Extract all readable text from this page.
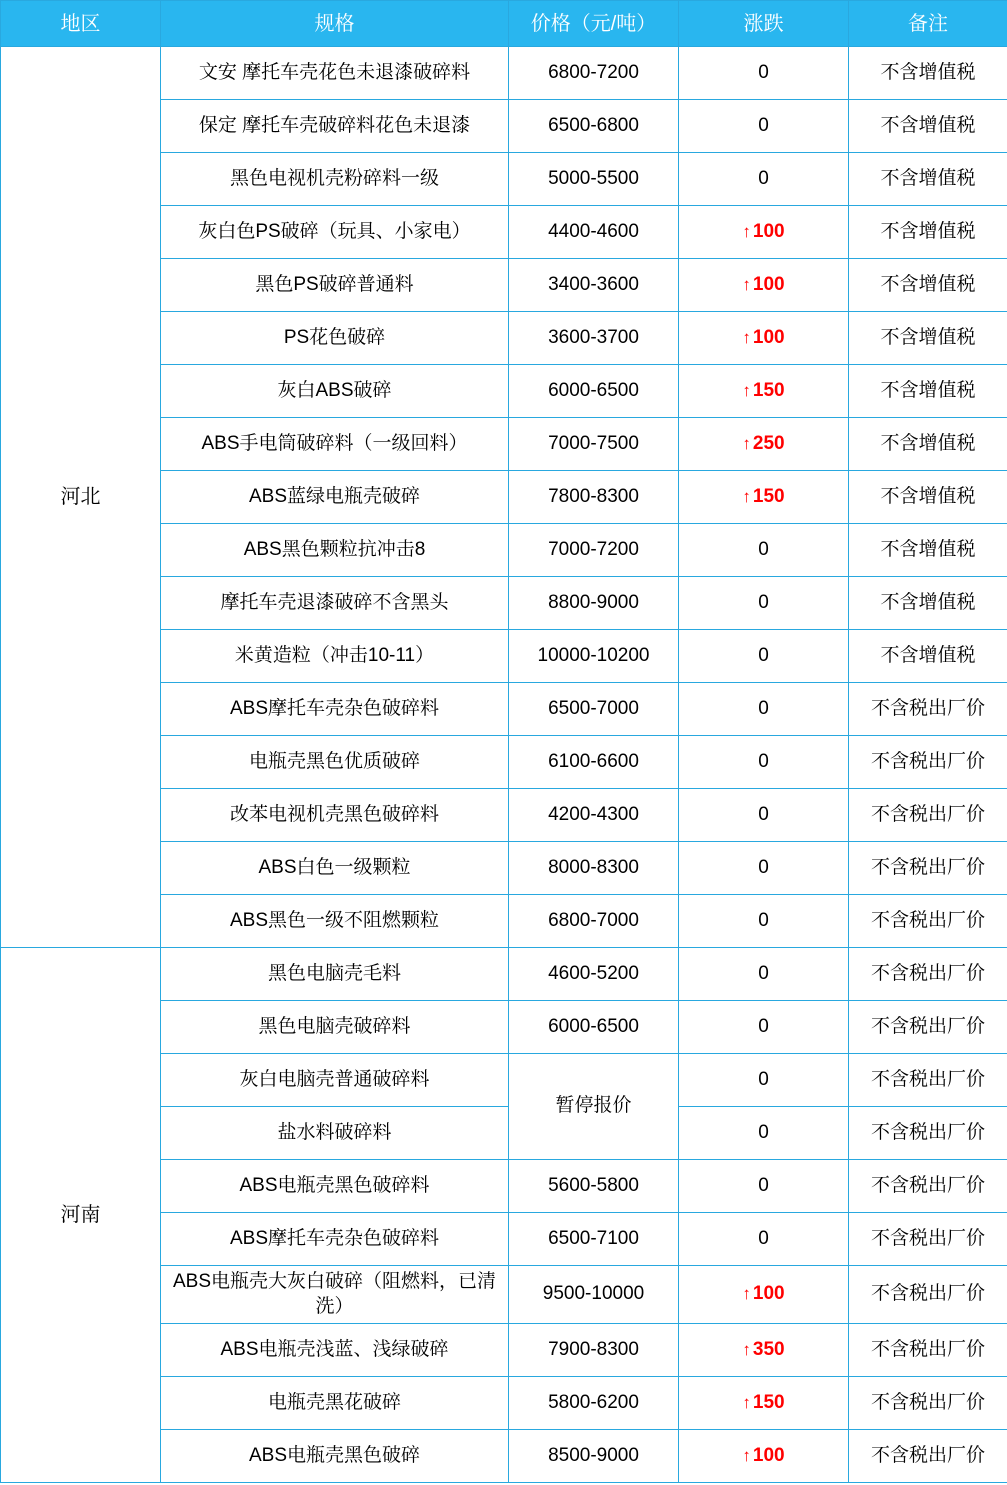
地区	规格	价格（元/吨）	涨跌	备注
河北	文安 摩托车壳花色未退漆破碎料	6800-7200	0	不含增值税
	保定 摩托车壳破碎料花色未退漆	6500-6800	0	不含增值税
	黑色电视机壳粉碎料一级	5000-5500	0	不含增值税
	灰白色PS破碎（玩具、小家电）	4400-4600	↑ 100	不含增值税
	黑色PS破碎普通料	3400-3600	↑ 100	不含增值税
	PS花色破碎	3600-3700	↑ 100	不含增值税
	灰白ABS破碎	6000-6500	↑ 150	不含增值税
	ABS手电筒破碎料（一级回料）	7000-7500	↑ 250	不含增值税
	ABS蓝绿电瓶壳破碎	7800-8300	↑ 150	不含增值税
	ABS黑色颗粒抗冲击8	7000-7200	0	不含增值税
	摩托车壳退漆破碎不含黑头	8800-9000	0	不含增值税
	米黄造粒（冲击10-11）	10000-10200	0	不含增值税
	ABS摩托车壳杂色破碎料	6500-7000	0	不含税出厂价
	电瓶壳黑色优质破碎	6100-6600	0	不含税出厂价
	改苯电视机壳黑色破碎料	4200-4300	0	不含税出厂价
	ABS白色一级颗粒	8000-8300	0	不含税出厂价
	ABS黑色一级不阻燃颗粒	6800-7000	0	不含税出厂价
河南	黑色电脑壳毛料	4600-5200	0	不含税出厂价
	黑色电脑壳破碎料	6000-6500	0	不含税出厂价
	灰白电脑壳普通破碎料	暂停报价	0	不含税出厂价
	盐水料破碎料		0	不含税出厂价
	ABS电瓶壳黑色破碎料	5600-5800	0	不含税出厂价
	ABS摩托车壳杂色破碎料	6500-7100	0	不含税出厂价
	ABS电瓶壳大灰白破碎（阻燃料，已清洗）	9500-10000	↑ 100	不含税出厂价
	ABS电瓶壳浅蓝、浅绿破碎	7900-8300	↑ 350	不含税出厂价
	电瓶壳黑花破碎	5800-6200	↑ 150	不含税出厂价
	ABS电瓶壳黑色破碎	8500-9000	↑ 100	不含税出厂价
